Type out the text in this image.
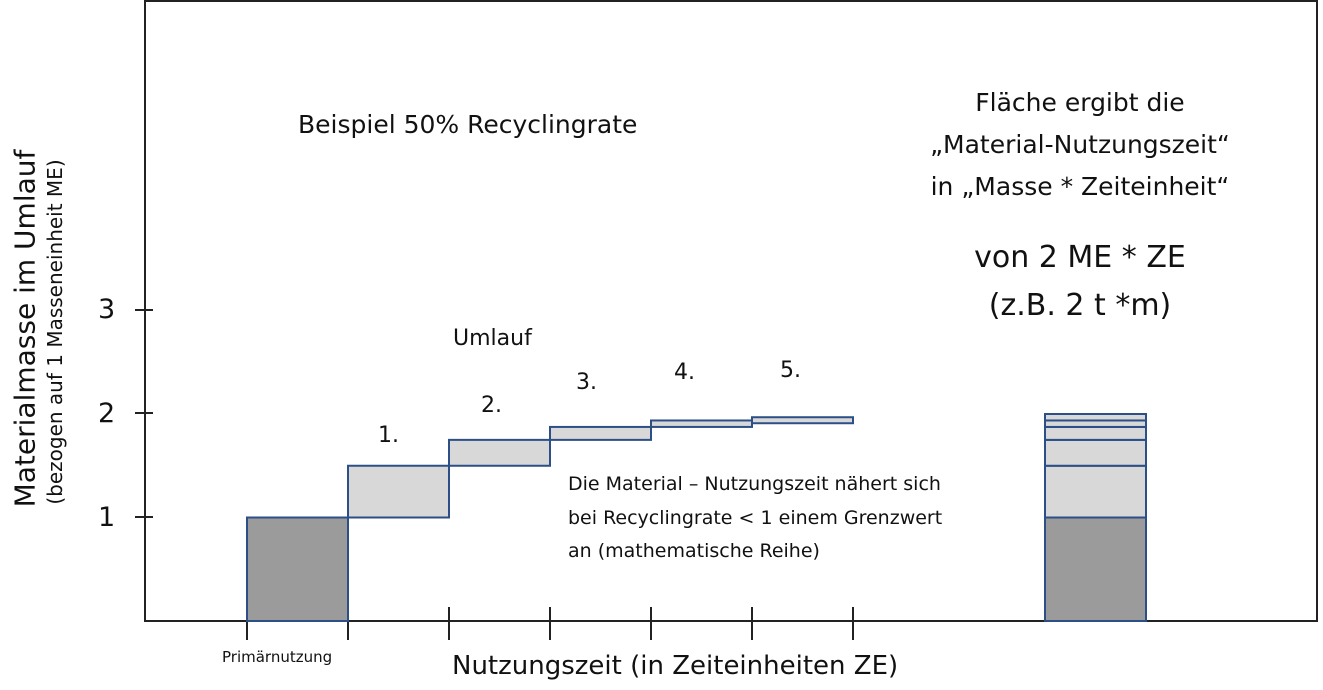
1
2
3
Materialmasse im Umlauf (bezogen auf 1 Masseneinheit ME)
Primärnutzung	Nutzungszeit (in Zeiteinheiten ZE)
Beispiel 50% Recyclingrate
Umlauf
1.
2.
3.	4.	5.
Fläche ergibt die
„Material-Nutzungszeit“
in „Masse * Zeiteinheit“
von 2 ME * ZE
(z.B. 2 t *m)
Die Material – Nutzungszeit nähert sich
bei Recyclingrate < 1 einem Grenzwert
an (mathematische Reihe)
